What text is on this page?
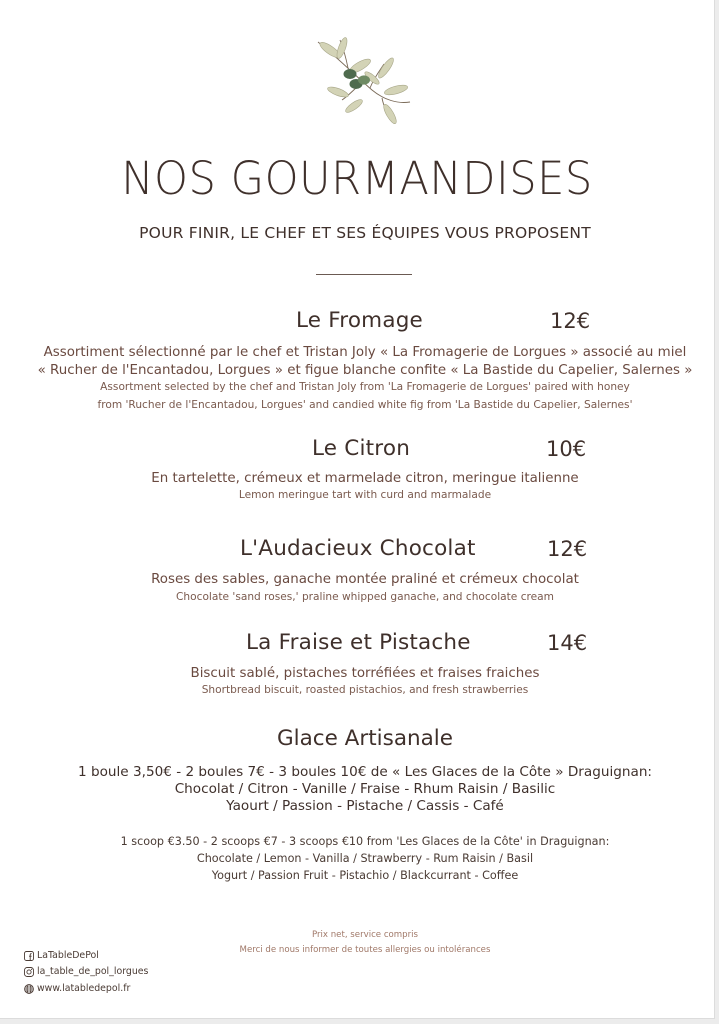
NOS GOURMANDISES
POUR FINIR, LE CHEF ET SES ÉQUIPES VOUS PROPOSENT
Le Fromage	12€
Assortiment sélectionné par le chef et Tristan Joly « La Fromagerie de Lorgues » associé au miel
« Rucher de l'Encantadou, Lorgues » et figue blanche confite « La Bastide du Capelier, Salernes »
Assortment selected by the chef and Tristan Joly from 'La Fromagerie de Lorgues' paired with honey
from 'Rucher de l'Encantadou, Lorgues' and candied white fig from 'La Bastide du Capelier, Salernes'
Le Citron	10€
En tartelette, crémeux et marmelade citron, meringue italienne
Lemon meringue tart with curd and marmalade
L'Audacieux Chocolat	12€
Roses des sables, ganache montée praliné et crémeux chocolat
Chocolate 'sand roses,' praline whipped ganache, and chocolate cream
La Fraise et Pistache	14€
Biscuit sablé, pistaches torréfiées et fraises fraiches
Shortbread biscuit, roasted pistachios, and fresh strawberries
Glace Artisanale
1 boule 3,50€ - 2 boules 7€ - 3 boules 10€ de « Les Glaces de la Côte » Draguignan:
Chocolat / Citron - Vanille / Fraise - Rhum Raisin / Basilic
Yaourt / Passion - Pistache / Cassis - Café
1 scoop €3.50 - 2 scoops €7 - 3 scoops €10 from 'Les Glaces de la Côte' in Draguignan:
Chocolate / Lemon - Vanilla / Strawberry - Rum Raisin / Basil
Yogurt / Passion Fruit - Pistachio / Blackcurrant - Coffee
Prix net, service compris
Merci de nous informer de toutes allergies ou intolérances
LaTableDePol
la_table_de_pol_lorgues
www.latabledepol.fr
